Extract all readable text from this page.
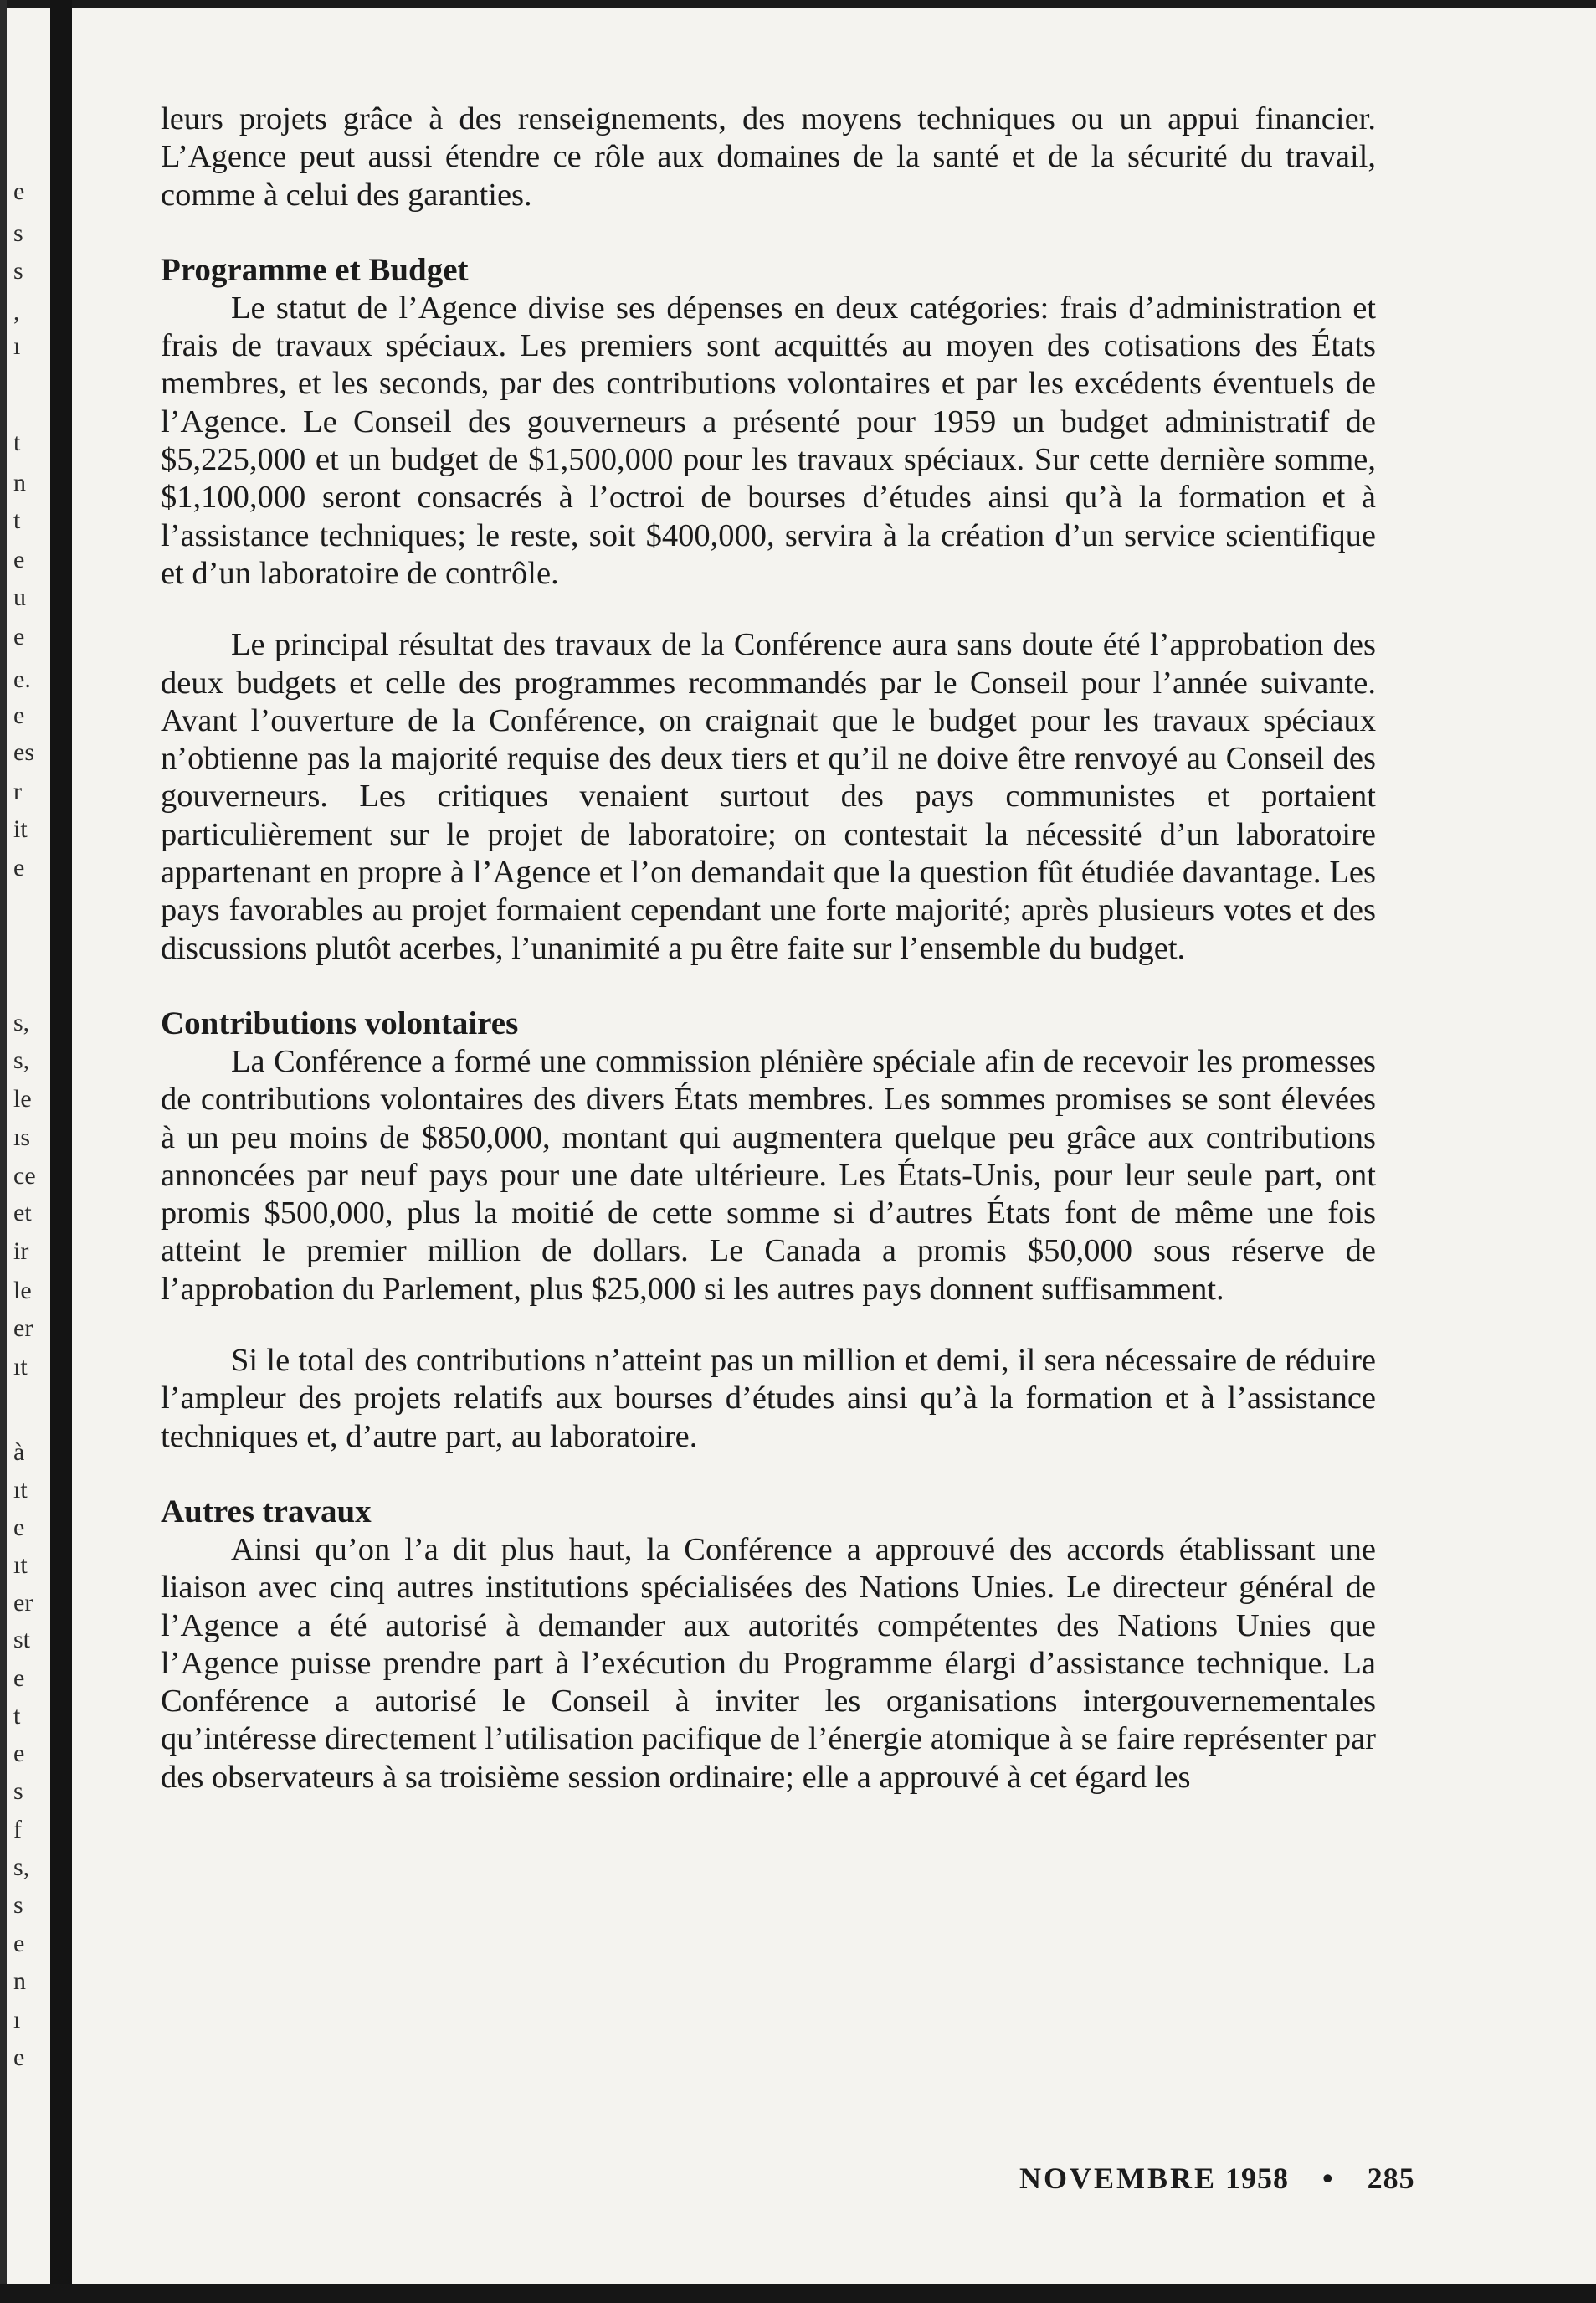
e
s
s
,
ı
t
n
t
e
u
e
e.
e
es
r
it
e
s,
s,
le
ıs
ce
et
ir
le
er
ıt
à
ıt
e
ıt
er
st
e
t
e
s
f
s,
s
e
n
ı
e

leurs projets grâce à des renseignements, des moyens techniques ou un appui financier. L’Agence peut aussi étendre ce rôle aux domaines de la santé et de la sécurité du travail, comme à celui des garanties.

Programme et Budget

Le statut de l’Agence divise ses dépenses en deux catégories: frais d’administration et frais de travaux spéciaux. Les premiers sont acquittés au moyen des cotisations des États membres, et les seconds, par des contributions volontaires et par les excédents éventuels de l’Agence. Le Conseil des gouverneurs a présenté pour 1959 un budget administratif de $5,225,000 et un budget de $1,500,000 pour les travaux spéciaux. Sur cette dernière somme, $1,100,000 seront consacrés à l’octroi de bourses d’études ainsi qu’à la formation et à l’assistance techniques; le reste, soit $400,000, servira à la création d’un service scientifique et d’un laboratoire de contrôle.

Le principal résultat des travaux de la Conférence aura sans doute été l’approbation des deux budgets et celle des programmes recommandés par le Conseil pour l’année suivante. Avant l’ouverture de la Conférence, on craignait que le budget pour les travaux spéciaux n’obtienne pas la majorité requise des deux tiers et qu’il ne doive être renvoyé au Conseil des gouverneurs. Les critiques venaient surtout des pays communistes et portaient particulièrement sur le projet de laboratoire; on contestait la nécessité d’un laboratoire appartenant en propre à l’Agence et l’on demandait que la question fût étudiée davantage. Les pays favorables au projet formaient cependant une forte majorité; après plusieurs votes et des discussions plutôt acerbes, l’unanimité a pu être faite sur l’ensemble du budget.

Contributions volontaires

La Conférence a formé une commission plénière spéciale afin de recevoir les promesses de contributions volontaires des divers États membres. Les sommes promises se sont élevées à un peu moins de $850,000, montant qui augmentera quelque peu grâce aux contributions annoncées par neuf pays pour une date ultérieure. Les États-Unis, pour leur seule part, ont promis $500,000, plus la moitié de cette somme si d’autres États font de même une fois atteint le premier million de dollars. Le Canada a promis $50,000 sous réserve de l’approbation du Parlement, plus $25,000 si les autres pays donnent suffisamment.

Si le total des contributions n’atteint pas un million et demi, il sera nécessaire de réduire l’ampleur des projets relatifs aux bourses d’études ainsi qu’à la formation et à l’assistance techniques et, d’autre part, au laboratoire.

Autres travaux

Ainsi qu’on l’a dit plus haut, la Conférence a approuvé des accords établissant une liaison avec cinq autres institutions spécialisées des Nations Unies. Le directeur général de l’Agence a été autorisé à demander aux autorités compétentes des Nations Unies que l’Agence puisse prendre part à l’exécution du Programme élargi d’assistance technique. La Conférence a autorisé le Conseil à inviter les organisations intergouvernementales qu’intéresse directement l’utilisation pacifique de l’énergie atomique à se faire représenter par des observateurs à sa troisième session ordinaire; elle a approuvé à cet égard les

NOVEMBRE 1958 • 285
